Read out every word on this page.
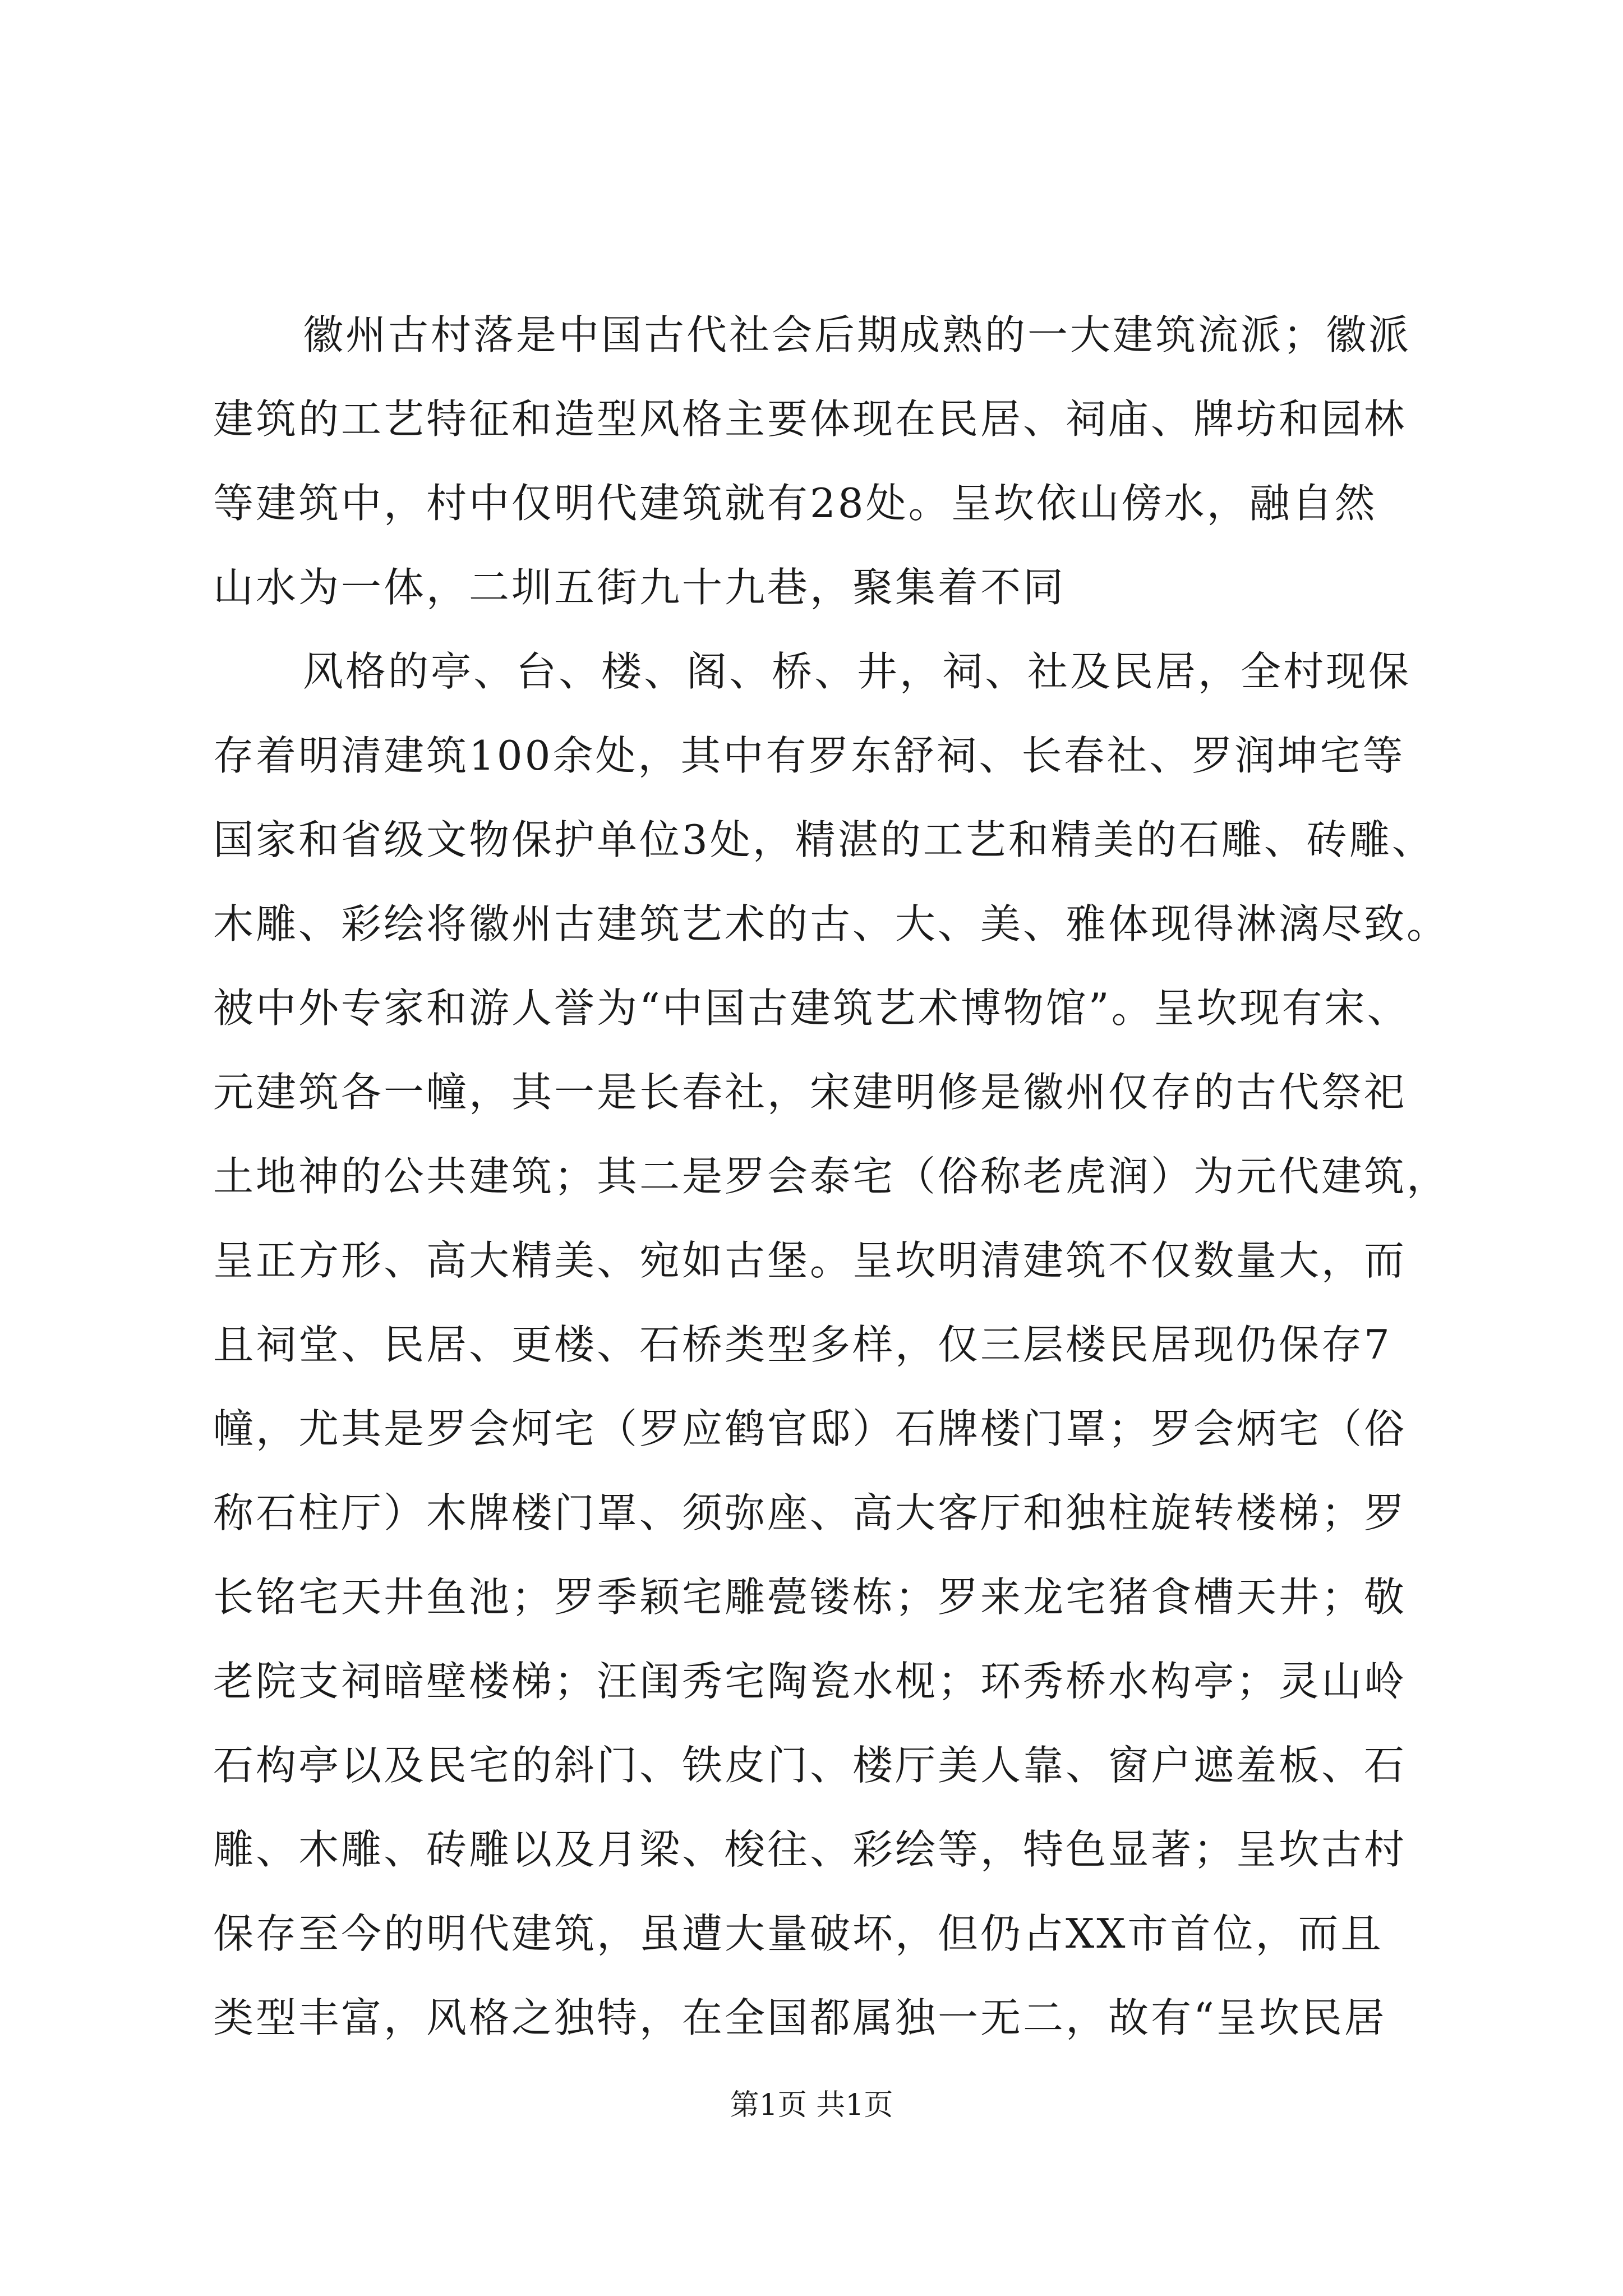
徽州古村落是中国古代社会后期成熟的一大建筑流派；徽派
建筑的工艺特征和造型风格主要体现在民居、祠庙、牌坊和园林
等建筑中，村中仅明代建筑就有28处。呈坎依山傍水，融自然
山水为一体，二圳五街九十九巷，聚集着不同
风格的亭、台、楼、阁、桥、井，祠、社及民居，全村现保
存着明清建筑100余处，其中有罗东舒祠、长春社、罗润坤宅等
国家和省级文物保护单位3处，精湛的工艺和精美的石雕、砖雕、
木雕、彩绘将徽州古建筑艺术的古、大、美、雅体现得淋漓尽致。
被中外专家和游人誉为“中国古建筑艺术博物馆”。呈坎现有宋、
元建筑各一幢，其一是长春社，宋建明修是徽州仅存的古代祭祀
土地神的公共建筑；其二是罗会泰宅（俗称老虎润）为元代建筑，
呈正方形、高大精美、宛如古堡。呈坎明清建筑不仅数量大，而
且祠堂、民居、更楼、石桥类型多样，仅三层楼民居现仍保存7
幢，尤其是罗会炣宅（罗应鹤官邸）石牌楼门罩；罗会炳宅（俗
称石柱厅）木牌楼门罩、须弥座、高大客厅和独柱旋转楼梯；罗
长铭宅天井鱼池；罗季颖宅雕甍镂栋；罗来龙宅猪食槽天井；敬
老院支祠暗壁楼梯；汪闺秀宅陶瓷水枧；环秀桥水构亭；灵山岭
石构亭以及民宅的斜门、铁皮门、楼厅美人靠、窗户遮羞板、石
雕、木雕、砖雕以及月梁、梭往、彩绘等，特色显著；呈坎古村
保存至今的明代建筑，虽遭大量破坏，但仍占XX市首位，而且
类型丰富，风格之独特，在全国都属独一无二，故有“呈坎民居
第1页 共1页
